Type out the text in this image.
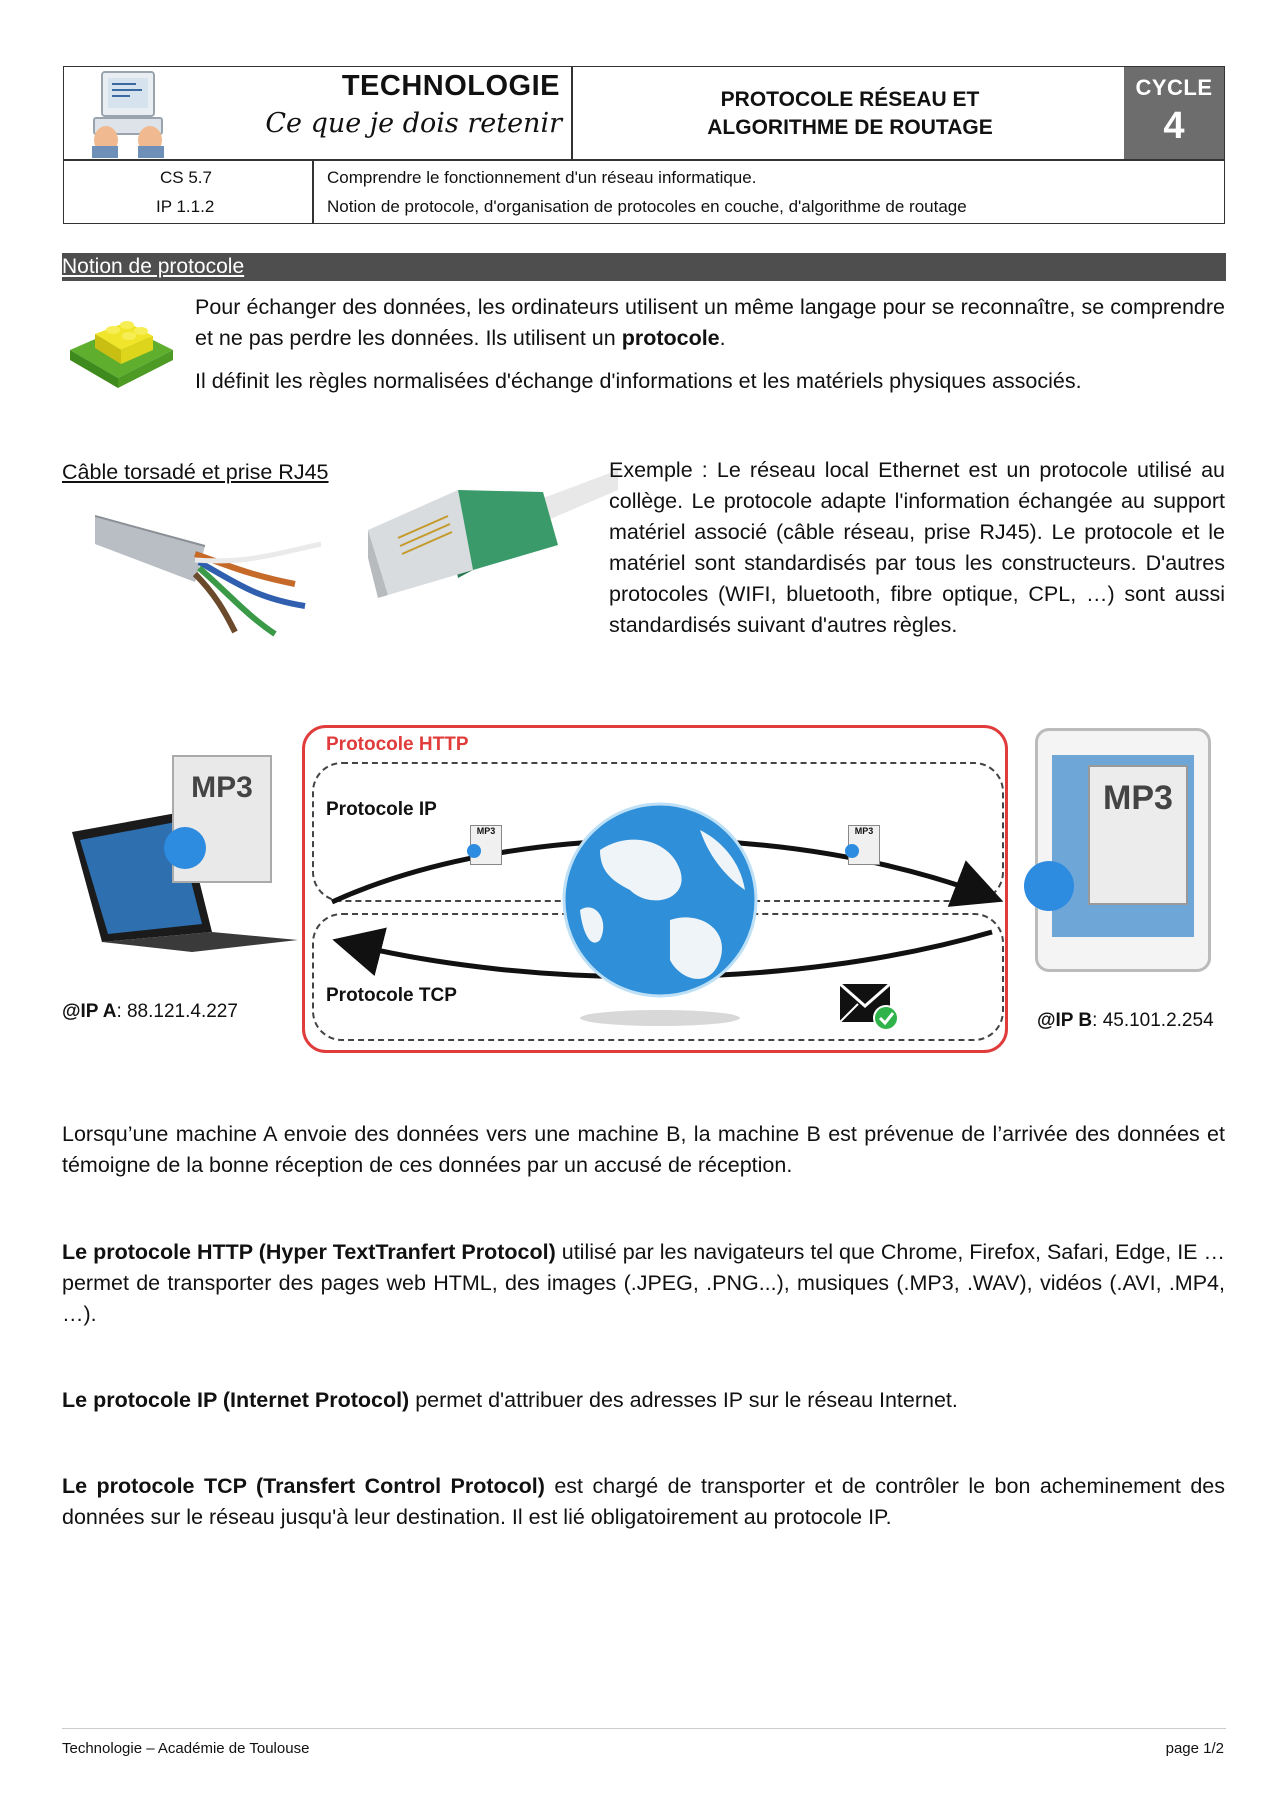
TECHNOLOGIE
Ce que je dois retenir
PROTOCOLE RÉSEAU ET
ALGORITHME DE ROUTAGE
CYCLE
4
CS 5.7	Comprendre le fonctionnement d'un réseau informatique.
IP 1.1.2	Notion de protocole, d'organisation de protocoles en couche, d'algorithme de routage
Notion de protocole
Pour échanger des données, les ordinateurs utilisent un même langage pour se reconnaître, se comprendre et ne pas perdre les données. Ils utilisent un protocole.
Il définit les règles normalisées d'échange d'informations et les matériels physiques associés.
Câble torsadé et prise RJ45	Exemple : Le réseau local Ethernet est un protocole utilisé au collège. Le protocole adapte l'information échangée au support matériel associé (câble réseau, prise RJ45). Le protocole et le matériel sont standardisés par tous les constructeurs. D'autres protocoles (WIFI, bluetooth, fibre optique, CPL, …) sont aussi standardisés suivant d'autres règles.
Protocole HTTP
Protocole IP
Protocole TCP
MP3	MP3
MP3	MP3
@IP A: 88.121.4.227	@IP B: 45.101.2.254
Lorsqu’une machine A envoie des données vers une machine B, la machine B est prévenue de l’arrivée des données et témoigne de la bonne réception de ces données par un accusé de réception.
Le protocole HTTP (Hyper TextTranfert Protocol) utilisé par les navigateurs tel que Chrome, Firefox, Safari, Edge, IE … permet de transporter des pages web HTML, des images (.JPEG, .PNG...), musiques (.MP3, .WAV), vidéos (.AVI, .MP4, …).
Le protocole IP (Internet Protocol) permet d'attribuer des adresses IP sur le réseau Internet.
Le protocole TCP (Transfert Control Protocol) est chargé de transporter et de contrôler le bon acheminement des données sur le réseau jusqu'à leur destination. Il est lié obligatoirement au protocole IP.
Technologie – Académie de Toulouse	page 1/2
